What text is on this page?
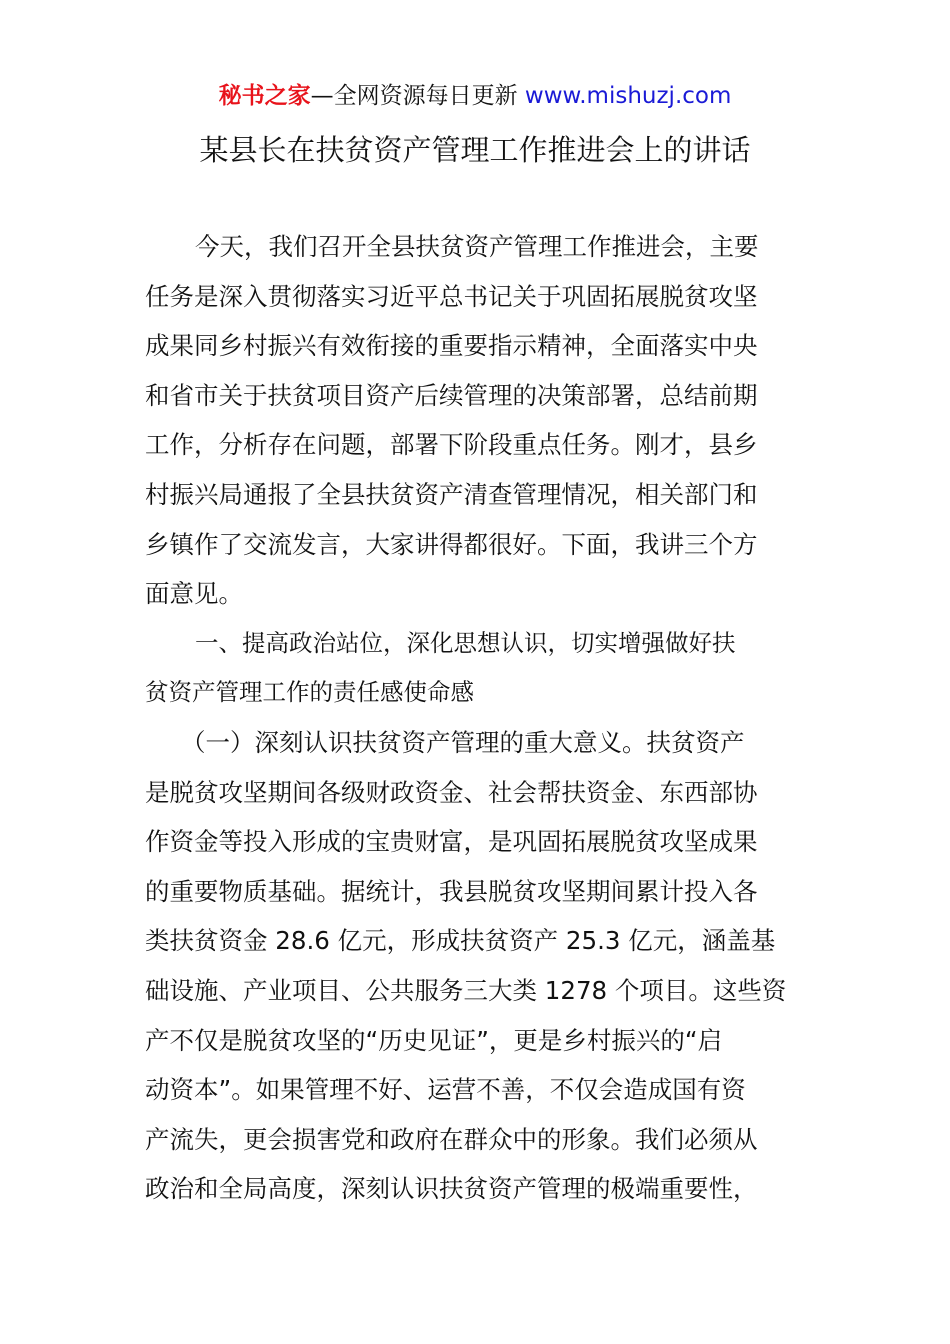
秘书之家—全网资源每日更新 www.mishuzj.com
某县长在扶贫资产管理工作推进会上的讲话
今天，我们召开全县扶贫资产管理工作推进会，主要
任务是深入贯彻落实习近平总书记关于巩固拓展脱贫攻坚
成果同乡村振兴有效衔接的重要指示精神，全面落实中央
和省市关于扶贫项目资产后续管理的决策部署，总结前期
工作，分析存在问题，部署下阶段重点任务。刚才，县乡
村振兴局通报了全县扶贫资产清查管理情况，相关部门和
乡镇作了交流发言，大家讲得都很好。下面，我讲三个方
面意见。
一、提高政治站位，深化思想认识，切实增强做好扶
贫资产管理工作的责任感使命感
（一）深刻认识扶贫资产管理的重大意义。扶贫资产
是脱贫攻坚期间各级财政资金、社会帮扶资金、东西部协
作资金等投入形成的宝贵财富，是巩固拓展脱贫攻坚成果
的重要物质基础。据统计，我县脱贫攻坚期间累计投入各
类扶贫资金 28.6 亿元，形成扶贫资产 25.3 亿元，涵盖基
础设施、产业项目、公共服务三大类 1278 个项目。这些资
产不仅是脱贫攻坚的“历史见证”，更是乡村振兴的“启
动资本”。如果管理不好、运营不善，不仅会造成国有资
产流失，更会损害党和政府在群众中的形象。我们必须从
政治和全局高度，深刻认识扶贫资产管理的极端重要性，
